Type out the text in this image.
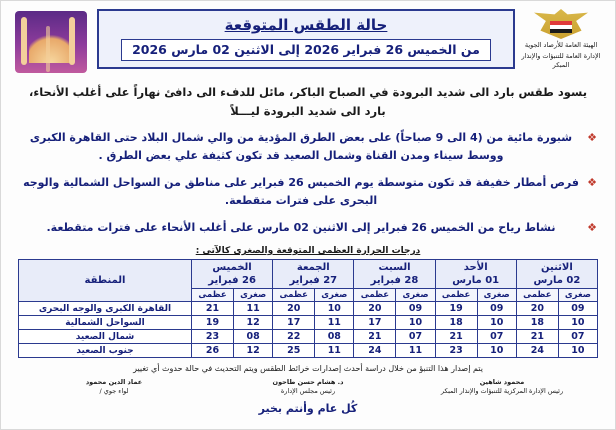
حالة الطقس المتوقعة
من الخميس 26 فبراير 2026 إلى الاثنين 02 مارس 2026	الهيئة العامة للأرصاد الجوية
الإدارة العامة للتنبؤات والإنذار المبكر
يسود طقس بارد الى شديد البرودة في الصباح الباكر، مائل للدفء الى دافئ نهاراً على أغلب الأنحاء،
بارد الى شديد البرودة ليـــلاً
❖
شبورة مائية من (4 الى 9 صباحاً) على بعض الطرق المؤدية من والي شمال البلاد حتى القاهرة الكبرى ووسط سيناء ومدن القناة وشمال الصعيد قد تكون كثيفة علي بعض الطرق .
❖
فرص أمطار خفيفة قد تكون متوسطة يوم الخميس 26 فبراير على مناطق من السواحل الشمالية والوجه البحرى على فترات متقطعة.
❖
نشاط رياح من الخميس 26 فبراير إلى الاثنين 02 مارس على أغلب الأنحاء على فترات متقطعة.
درجات الحرارة العظمى المتوقعة والصغرى كالآتى :
الاثنين
02 مارس

الأحد
01 مارس

السبت
28 فبراير

الجمعة
27 فبراير

الخميس
26 فبراير
	المنطقة
صغرى	عظمى	صغرى	عظمى	صغرى	عظمى	صغرى	عظمى	صغرى	عظمى	
09	20	09	19	09	20	10	20	11	21	القاهرة الكبرى والوجه البحرى
10	18	10	18	10	17	11	17	12	19	السواحل الشمالية
07	21	07	21	07	21	08	22	08	23	شمال الصعيد
10	24	10	23	11	24	11	25	12	26	جنوب الصعيد
يتم إصدار هذا التنبؤ من خلال دراسة أحدث إصدارات خرائط الطقس ويتم التحديث في حالة حدوث أي تغيير
محمود شاهين
رئيس الإدارة المركزية للتنبؤات والإنذار المبكر
د. هشام حسن طاحون
رئيس مجلس الإدارة
عماد الدين محمود
لواء جوي /
كُل عام وأنتم بخير
